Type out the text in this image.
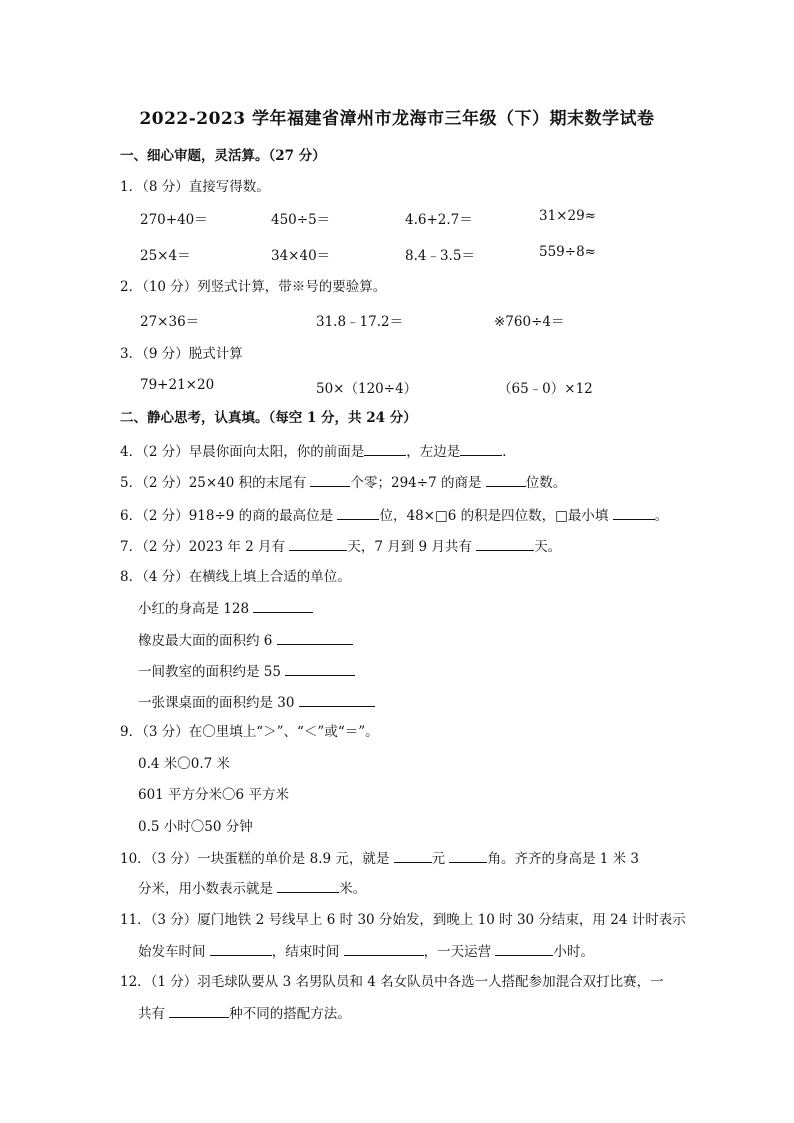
2022-2023 学年福建省漳州市龙海市三年级（下）期末数学试卷
一、细心审题，灵活算。（27 分）
1．（8 分）直接写得数。
270+40＝	450÷5＝	4.6+2.7＝	31×29≈
25×4＝	34×40＝	8.4﹣3.5＝	559÷8≈
2．（10 分）列竖式计算，带※号的要验算。
27×36＝	31.8﹣17.2＝	※760÷4＝
3．（9 分）脱式计算
79+21×20	50×（120÷4）	（65﹣0）×12
二、静心思考，认真填。（每空 1 分，共 24 分）
4．（2 分）早晨你面向太阳，你的前面是	，左边是	．
5．（2 分）25×40 积的末尾有	个零；294÷7 的商是	位数。
6．（2 分）918÷9 的商的最高位是	位，48×□6 的积是四位数，□最小填	。
7．（2 分）2023 年 2 月有	天，7 月到 9 月共有	天。
8．（4 分）在横线上填上合适的单位。
小红的身高是 128
橡皮最大面的面积约 6
一间教室的面积约是 55
一张课桌面的面积约是 30
9．（3 分）在〇里填上“＞”、“＜”或“＝”。
0.4 米〇0.7 米
601 平方分米〇6 平方米
0.5 小时〇50 分钟
10．（3 分）一块蛋糕的单价是 8.9 元，就是	元	角。齐齐的身高是 1 米 3
分米，用小数表示就是	米。
11．（3 分）厦门地铁 2 号线早上 6 时 30 分始发，到晚上 10 时 30 分结束，用 24 计时表示
始发车时间	，结束时间	，一天运营	小时。
12．（1 分）羽毛球队要从 3 名男队员和 4 名女队员中各选一人搭配参加混合双打比赛，一
共有	种不同的搭配方法。
